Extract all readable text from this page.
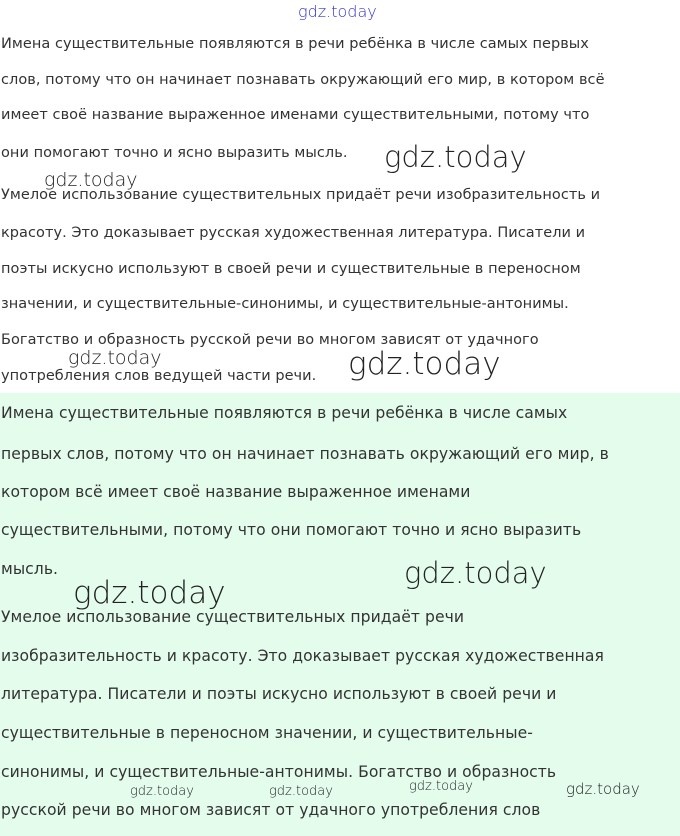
Имена существительные появляются в речи ребёнка в числе самых первых
слов, потому что он начинает познавать окружающий его мир, в котором всё
имеет своё название выраженное именами существительными, потому что
они помогают точно и ясно выразить мысль.
Умелое использование существительных придаёт речи изобразительность и
красоту. Это доказывает русская художественная литература. Писатели и
поэты искусно используют в своей речи и существительные в переносном
значении, и существительные-синонимы, и существительные-антонимы.
Богатство и образность русской речи во многом зависят от удачного
употребления слов ведущей части речи.
Имена существительные появляются в речи ребёнка в числе самых
первых слов, потому что он начинает познавать окружающий его мир, в
котором всё имеет своё название выраженное именами
существительными, потому что они помогают точно и ясно выразить
мысль.
Умелое использование существительных придаёт речи
изобразительность и красоту. Это доказывает русская художественная
литература. Писатели и поэты искусно используют в своей речи и
существительные в переносном значении, и существительные-
синонимы, и существительные-антонимы. Богатство и образность
русской речи во многом зависят от удачного употребления слов
gdz.today
gdz.today
gdz.today
gdz.today	gdz.today
gdz.today
gdz.today
gdz.today
gdz.today	gdz.today	gdz.today
